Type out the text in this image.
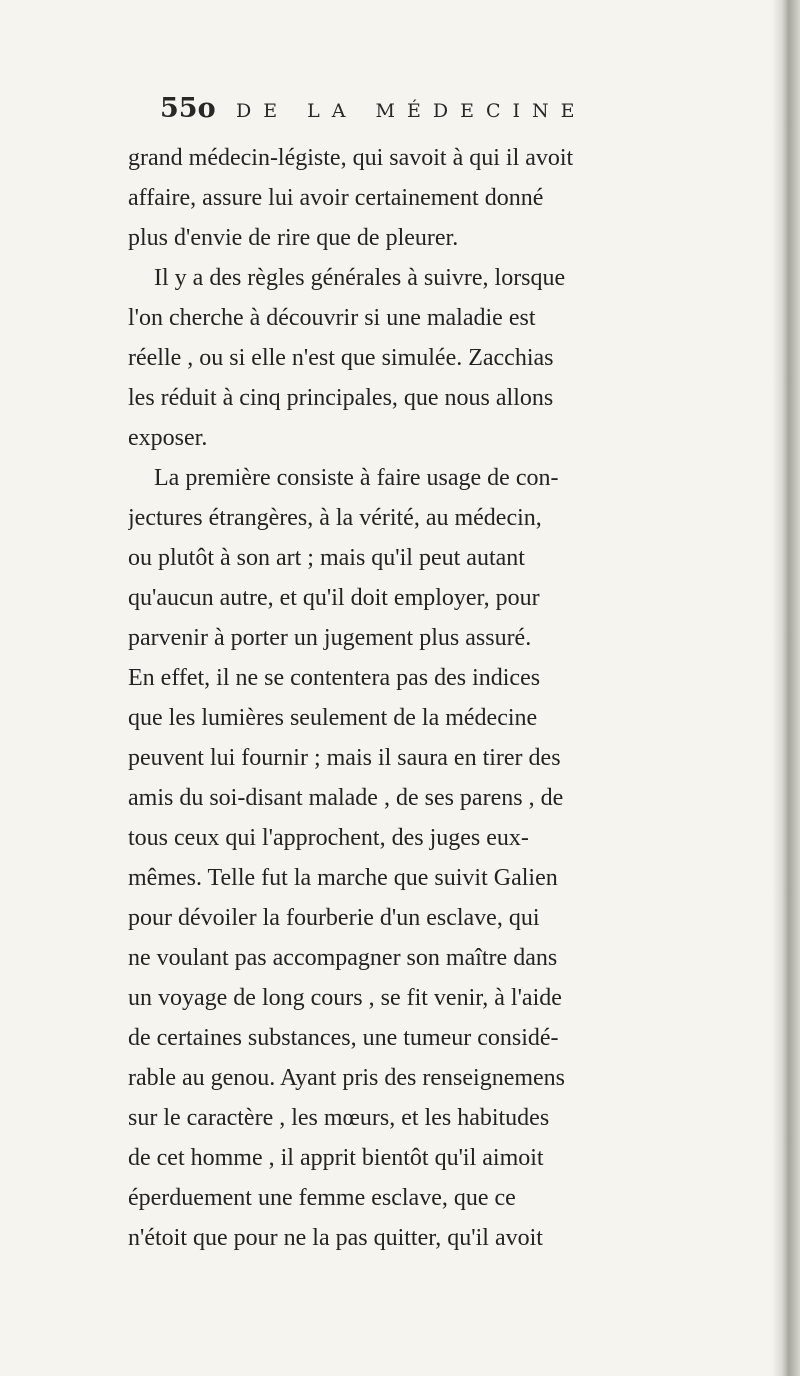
55o DE LA MÉDECINE
grand médecin-légiste, qui savoit à qui il avoit
affaire, assure lui avoir certainement donné
plus d'envie de rire que de pleurer.
Il y a des règles générales à suivre, lorsque
l'on cherche à découvrir si une maladie est
réelle , ou si elle n'est que simulée. Zacchias
les réduit à cinq principales, que nous allons
exposer.
La première consiste à faire usage de con-
jectures étrangères, à la vérité, au médecin,
ou plutôt à son art ; mais qu'il peut autant
qu'aucun autre, et qu'il doit employer, pour
parvenir à porter un jugement plus assuré.
En effet, il ne se contentera pas des indices
que les lumières seulement de la médecine
peuvent lui fournir ; mais il saura en tirer des
amis du soi-disant malade , de ses parens , de
tous ceux qui l'approchent, des juges eux-
mêmes. Telle fut la marche que suivit Galien
pour dévoiler la fourberie d'un esclave, qui
ne voulant pas accompagner son maître dans
un voyage de long cours , se fit venir, à l'aide
de certaines substances, une tumeur considé-
rable au genou. Ayant pris des renseignemens
sur le caractère , les mœurs, et les habitudes
de cet homme , il apprit bientôt qu'il aimoit
éperduement une femme esclave, que ce
n'étoit que pour ne la pas quitter, qu'il avoit
